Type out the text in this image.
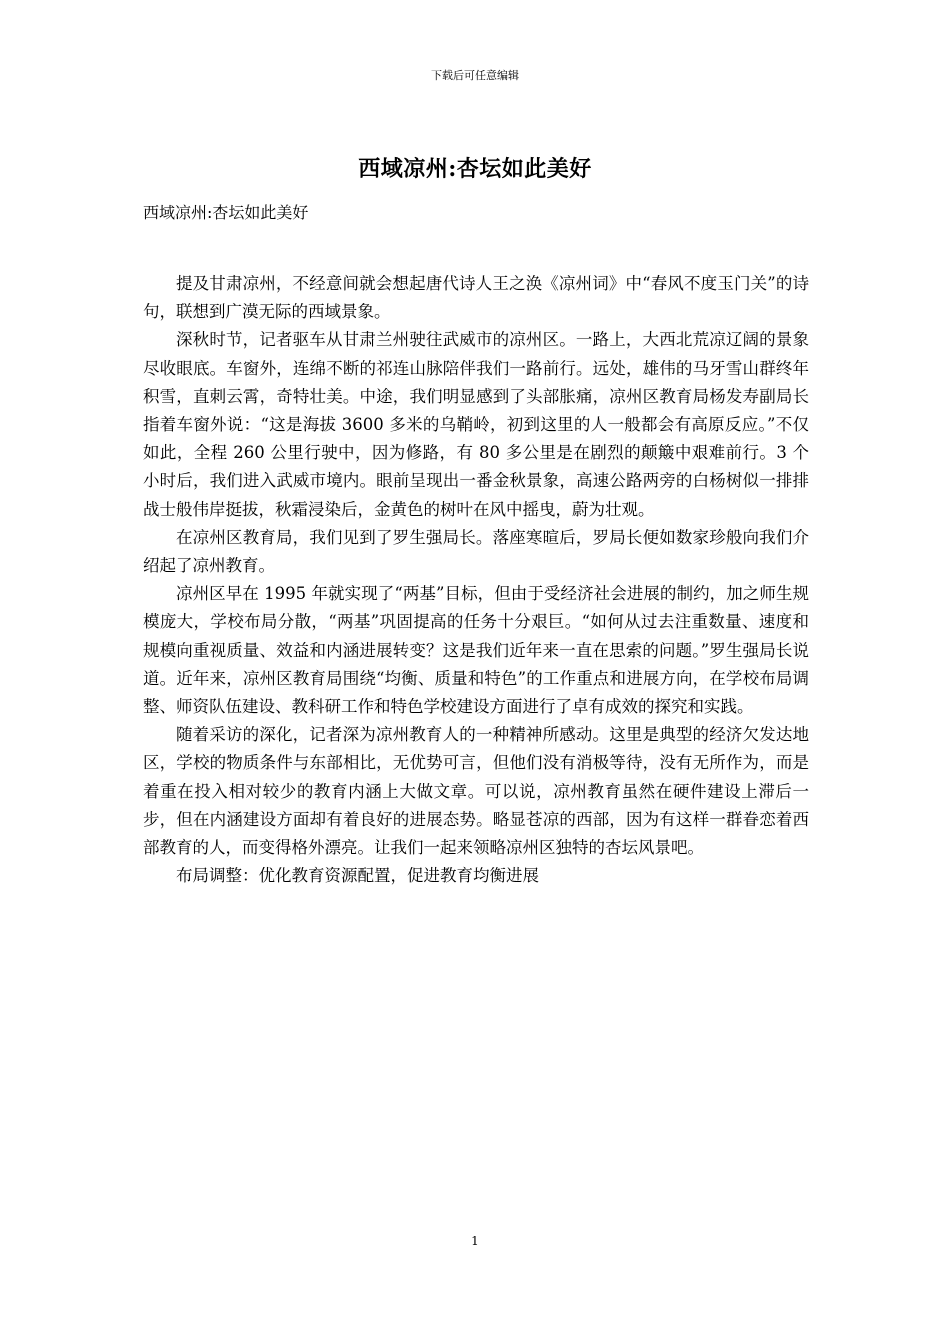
下载后可任意编辑
西域凉州:杏坛如此美好
西域凉州:杏坛如此美好

提及甘肃凉州，不经意间就会想起唐代诗人王之涣《凉州词》中“春风不度玉门关”的诗句，联想到广漠无际的西域景象。

深秋时节，记者驱车从甘肃兰州驶往武威市的凉州区。一路上，大西北荒凉辽阔的景象尽收眼底。车窗外，连绵不断的祁连山脉陪伴我们一路前行。远处，雄伟的马牙雪山群终年积雪，直刺云霄，奇特壮美。中途，我们明显感到了头部胀痛，凉州区教育局杨发寿副局长指着车窗外说：“这是海拔 3600 多米的乌鞘岭，初到这里的人一般都会有高原反应。”不仅如此，全程 260 公里行驶中，因为修路，有 80 多公里是在剧烈的颠簸中艰难前行。3 个小时后，我们进入武威市境内。眼前呈现出一番金秋景象，高速公路两旁的白杨树似一排排战士般伟岸挺拔，秋霜浸染后，金黄色的树叶在风中摇曳，蔚为壮观。

在凉州区教育局，我们见到了罗生强局长。落座寒暄后，罗局长便如数家珍般向我们介绍起了凉州教育。

凉州区早在 1995 年就实现了“两基”目标，但由于受经济社会进展的制约，加之师生规模庞大，学校布局分散，“两基”巩固提高的任务十分艰巨。“如何从过去注重数量、速度和规模向重视质量、效益和内涵进展转变？这是我们近年来一直在思索的问题。”罗生强局长说道。近年来，凉州区教育局围绕“均衡、质量和特色”的工作重点和进展方向，在学校布局调整、师资队伍建设、教科研工作和特色学校建设方面进行了卓有成效的探究和实践。

随着采访的深化，记者深为凉州教育人的一种精神所感动。这里是典型的经济欠发达地区，学校的物质条件与东部相比，无优势可言，但他们没有消极等待，没有无所作为，而是着重在投入相对较少的教育内涵上大做文章。可以说，凉州教育虽然在硬件建设上滞后一步，但在内涵建设方面却有着良好的进展态势。略显苍凉的西部，因为有这样一群眷恋着西部教育的人，而变得格外漂亮。让我们一起来领略凉州区独特的杏坛风景吧。

布局调整：优化教育资源配置，促进教育均衡进展

1
